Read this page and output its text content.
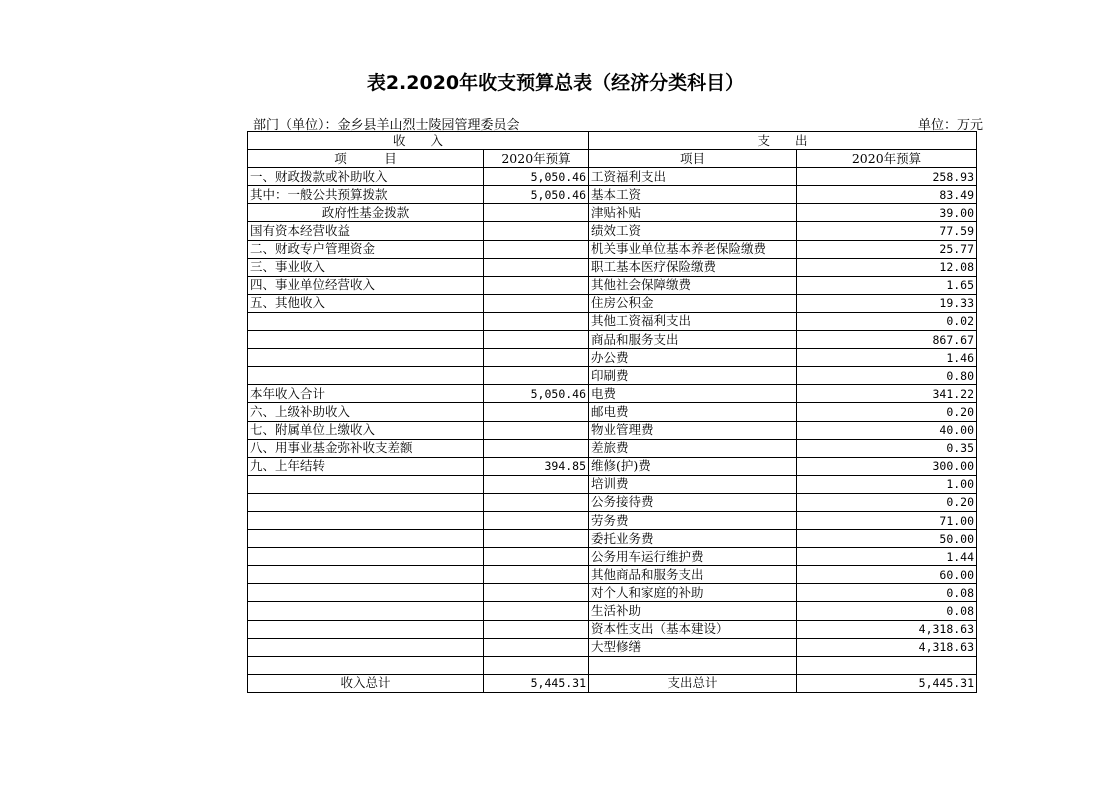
表2.2020年收支预算总表（经济分类科目）
部门（单位）：金乡县羊山烈士陵园管理委员会	单位：万元
收　　入		支　　出	
项　　　目	2020年预算	项目	2020年预算
一、财政拨款或补助收入	5,050.46	工资福利支出	258.93
其中：一般公共预算拨款	5,050.46	基本工资	83.49
政府性基金拨款		津贴补贴	39.00
国有资本经营收益		绩效工资	77.59
二、财政专户管理资金		机关事业单位基本养老保险缴费	25.77
三、事业收入		职工基本医疗保险缴费	12.08
四、事业单位经营收入		其他社会保障缴费	1.65
五、其他收入		住房公积金	19.33
		其他工资福利支出	0.02
		商品和服务支出	867.67
		办公费	1.46
		印刷费	0.80
本年收入合计	5,050.46	电费	341.22
六、上级补助收入		邮电费	0.20
七、附属单位上缴收入		物业管理费	40.00
八、用事业基金弥补收支差额		差旅费	0.35
九、上年结转	394.85	维修(护)费	300.00
		培训费	1.00
		公务接待费	0.20
		劳务费	71.00
		委托业务费	50.00
		公务用车运行维护费	1.44
		其他商品和服务支出	60.00
		对个人和家庭的补助	0.08
		生活补助	0.08
		资本性支出（基本建设）	4,318.63
		大型修缮	4,318.63

收入总计	5,445.31	支出总计	5,445.31
